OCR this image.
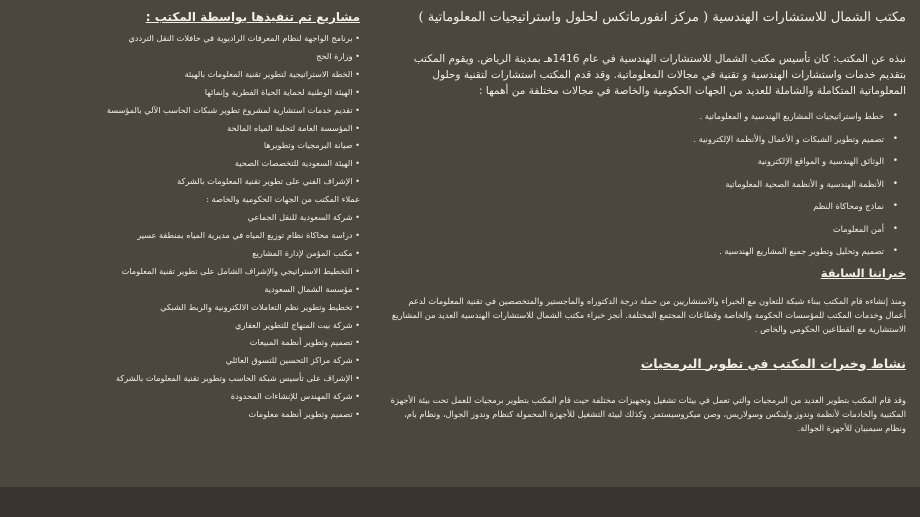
مكتب الشمال للاستشارات الهندسية ( مركز انفورماتكس لحلول واستراتيجيات المعلوماتية )

نبذه عن المكتب: كان تأسيس مكتب الشمال للاستشارات الهندسية في عام 1416هـ بمدينة الرياض. ويقوم المكتب بتقديم خدمات واستشارات الهندسية و تقنية في مجالات المعلوماتية. وقد قدم المكتب استشارات لتقنية وحلول المعلوماتية المتكاملة والشاملة للعديد من الجهات الحكومية والخاصة في مجالات مختلفة من أهمها :

• خطط واستراتيجيات المشاريع الهندسية و المعلوماتية .
• تصميم وتطوير الشبكات و الأعمال والأنظمة الإلكترونية .
• الوثائق الهندسية و المواقع الإلكترونية
• الأنظمة الهندسية و الأنظمة الصحية المعلوماتية
• نماذج ومحاكاة النظم
• أمن المعلومات
• تصميم وتحليل وتطوير جميع المشاريع الهندسية .
خبراتنا السابقة

ومنذ إنشاءه قام المكتب ببناء شبكة للتعاون مع الخبراء والاستشاريين من حملة درجة الدكتوراه والماجستير والمتخصصين في تقنية المعلومات لدعم أعمال وخدمات المكتب للمؤسسات الحكومة والخاصة وقطاعات المجتمع المختلفة. أنجز خبراء مكتب الشمال للاستشارات الهندسية العديد من المشاريع الاستشارية مع القطاعين الحكومي والخاص .

نشاط وخبرات المكتب في تطوير البرمجيات

وقد قام المكتب بتطوير العديد من البرمجيات والتي تعمل في بيئات تشغيل وتجهيزات مختلفة حيث قام المكتب بتطوير برمجيات للعمل تحت بيئة الأجهزة المكتبية والخادمات لأنظمة وندوز ولينكس وسولاريس، وصن ميكروسيستمز. وكذلك لبيئة التشغيل للأجهزة المحمولة كنظام وندوز الجوال، ونظام بام، ونظام سيمبيان للأجهزة الجوالة.

مشاريع تم تنفيذها بواسطة المكتب :
• برنامج الواجهة لنظام المعرفات الراديوية في حافلات النقل الترددي
• وزارة الحج
• الخطة الاستراتيجية لتطوير تقنية المعلومات بالهيئة
• الهيئة الوطنية لحماية الحياة الفطرية وإنمائها
• تقديم خدمات استشارية لمشروع تطوير شبكات الحاسب الآلي بالمؤسسة
• المؤسسة العامة لتحلية المياه المالحة
• صيانة البرمجيات وتطويرها
• الهيئة السعودية للتخصصات الصحية
• الإشراف الفني على تطوير تقنية المعلومات بالشركة
عملاء المكتب من الجهات الحكومية والخاصة :
• شركة السعودية للنقل الجماعي
• دراسة محاكاة نظام توزيع المياه في مديرية المياه بمنطقة عسير
• مكتب المؤمن لإدارة المشاريع
• التخطيط الاستراتيجي والإشراف الشامل على تطوير تقنية المعلومات
• مؤسسة الشمال السعودية
• تخطيط وتطوير نظم التعاملات الالكترونية والربط الشبكي
• شركة بيت المنهاج للتطوير العقاري
• تصميم وتطوير أنظمة المبيعات
• شركة مراكز التحسين للتسوق العائلي
• الإشراف على تأسيس شبكة الحاسب وتطوير تقنية المعلومات بالشركة
• شركة المهندس للإنشاءات المحدودة
• تصميم وتطوير أنظمة معلومات
